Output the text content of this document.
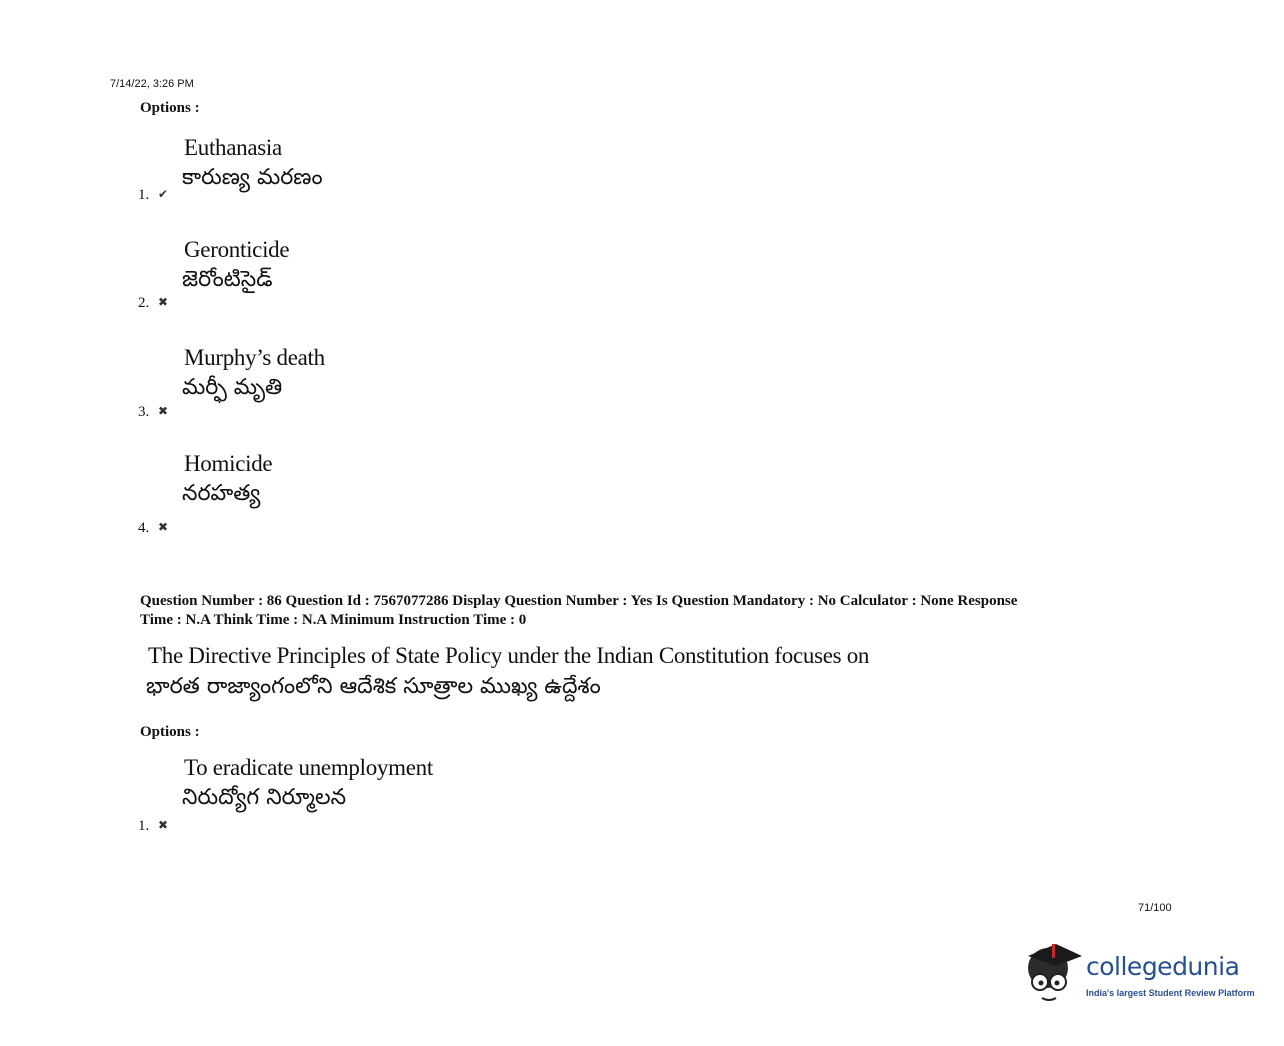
7/14/22, 3:26 PM
Options :
Euthanasia
కారుణ్య మరణం
1. ✔
Geronticide
జెరోంటిసైడ్
2. ✖
Murphy’s death
మర్ఫీ మృతి
3. ✖
Homicide
నరహత్య
4. ✖
Question Number : 86 Question Id : 7567077286 Display Question Number : Yes Is Question Mandatory : No Calculator : None Response
Time : N.A Think Time : N.A Minimum Instruction Time : 0
The Directive Principles of State Policy under the Indian Constitution focuses on
భారత రాజ్యాంగంలోని ఆదేశిక సూత్రాల ముఖ్య ఉద్దేశం
Options :
To eradicate unemployment
నిరుద్యోగ నిర్మూలన
1. ✖
71/100
collegedunia
India's largest Student Review Platform
